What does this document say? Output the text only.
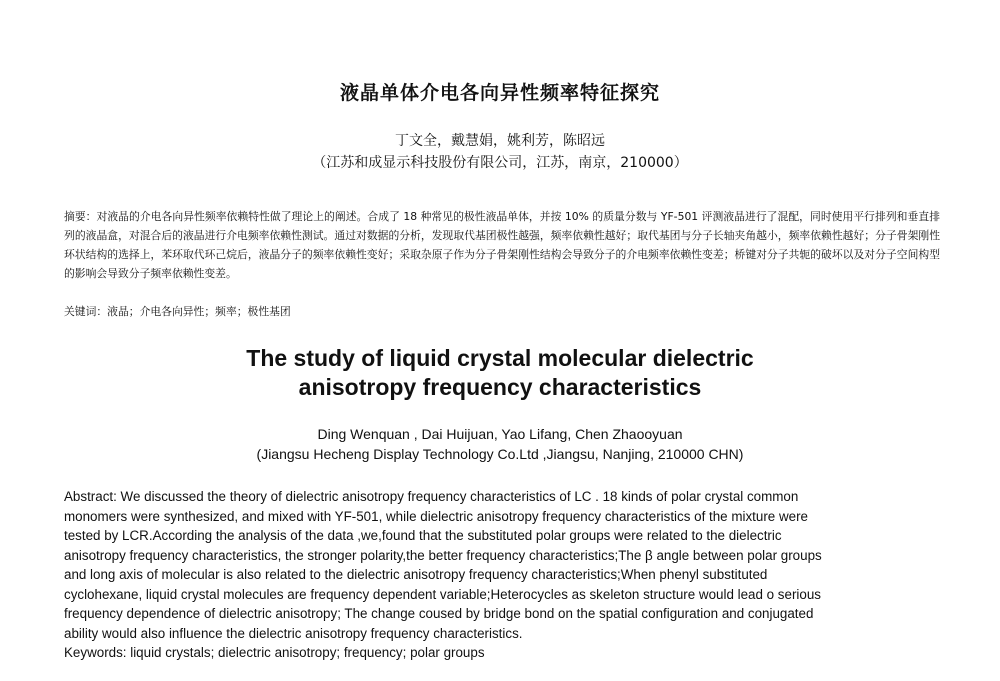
液晶单体介电各向异性频率特征探究
丁文全，戴慧娟，姚利芳，陈昭远
（江苏和成显示科技股份有限公司，江苏，南京，210000）
摘要：对液晶的介电各向异性频率依赖特性做了理论上的阐述。合成了 18 种常见的极性液晶单体，并按 10% 的质量分数与 YF-501 评测液晶进行了混配，同时使用平行排列和垂直排列的液晶盒，对混合后的液晶进行介电频率依赖性测试。通过对数据的分析，发现取代基团极性越强，频率依赖性越好；取代基团与分子长轴夹角越小，频率依赖性越好；分子骨架刚性环状结构的选择上，苯环取代环己烷后，液晶分子的频率依赖性变好；采取杂原子作为分子骨架刚性结构会导致分子的介电频率依赖性变差；桥键对分子共轭的破坏以及对分子空间构型的影响会导致分子频率依赖性变差。
关键词：液晶；介电各向异性；频率；极性基团
The study of liquid crystal molecular dielectric
anisotropy frequency characteristics
Ding Wenquan , Dai Huijuan, Yao Lifang, Chen Zhaooyuan
(Jiangsu Hecheng Display Technology Co.Ltd ,Jiangsu, Nanjing, 210000 CHN)
Abstract: We discussed the theory of dielectric anisotropy frequency characteristics of LC . 18 kinds of polar crystal common
monomers were synthesized, and mixed with YF-501, while dielectric anisotropy frequency characteristics of the mixture were
tested by LCR.According the analysis of the data ,we,found that the substituted polar groups were related to the dielectric
anisotropy frequency characteristics, the stronger polarity,the better frequency characteristics;The β angle between polar groups
and long axis of molecular is also related to the dielectric anisotropy frequency characteristics;When phenyl substituted
cyclohexane, liquid crystal molecules are frequency dependent variable;Heterocycles as skeleton structure would lead o serious
frequency dependence of dielectric anisotropy; The change coused by bridge bond on the spatial configuration and conjugated
ability would also influence the dielectric anisotropy frequency characteristics.
Keywords: liquid crystals; dielectric anisotropy; frequency; polar groups
